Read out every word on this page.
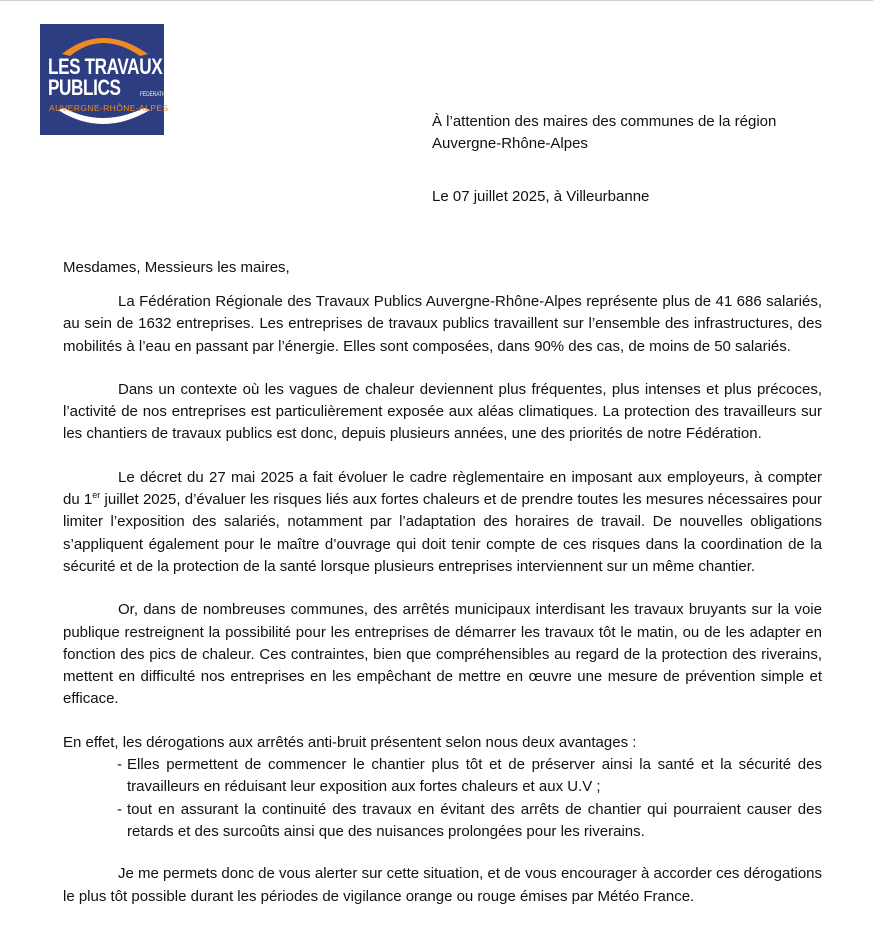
LES TRAVAUX
PUBLICS	FÉDÉRATION
AUVERGNE-RHÔNE-ALPES
À l’attention des maires des communes de la région
Auvergne-Rhône-Alpes
Le 07 juillet 2025, à Villeurbanne
Mesdames, Messieurs les maires,

La Fédération Régionale des Travaux Publics Auvergne-Rhône-Alpes représente plus de 41 686 salariés, au sein de 1632 entreprises. Les entreprises de travaux publics travaillent sur l’ensemble des infrastructures, des mobilités à l’eau en passant par l’énergie. Elles sont composées, dans 90% des cas, de moins de 50 salariés.

Dans un contexte où les vagues de chaleur deviennent plus fréquentes, plus intenses et plus précoces, l’activité de nos entreprises est particulièrement exposée aux aléas climatiques. La protection des travailleurs sur les chantiers de travaux publics est donc, depuis plusieurs années, une des priorités de notre Fédération.

Le décret du 27 mai 2025 a fait évoluer le cadre règlementaire en imposant aux employeurs, à compter du 1er juillet 2025, d’évaluer les risques liés aux fortes chaleurs et de prendre toutes les mesures nécessaires pour limiter l’exposition des salariés, notamment par l’adaptation des horaires de travail. De nouvelles obligations s’appliquent également pour le maître d’ouvrage qui doit tenir compte de ces risques dans la coordination de la sécurité et de la protection de la santé lorsque plusieurs entreprises interviennent sur un même chantier.

Or, dans de nombreuses communes, des arrêtés municipaux interdisant les travaux bruyants sur la voie publique restreignent la possibilité pour les entreprises de démarrer les travaux tôt le matin, ou de les adapter en fonction des pics de chaleur. Ces contraintes, bien que compréhensibles au regard de la protection des riverains, mettent en difficulté nos entreprises en les empêchant de mettre en œuvre une mesure de prévention simple et efficace.

En effet, les dérogations aux arrêtés anti-bruit présentent selon nous deux avantages :

- Elles permettent de commencer le chantier plus tôt et de préserver ainsi la santé et la sécurité des travailleurs en réduisant leur exposition aux fortes chaleurs et aux U.V ;
- tout en assurant la continuité des travaux en évitant des arrêts de chantier qui pourraient causer des retards et des surcoûts ainsi que des nuisances prolongées pour les riverains.

Je me permets donc de vous alerter sur cette situation, et de vous encourager à accorder ces dérogations le plus tôt possible durant les périodes de vigilance orange ou rouge émises par Météo France.
